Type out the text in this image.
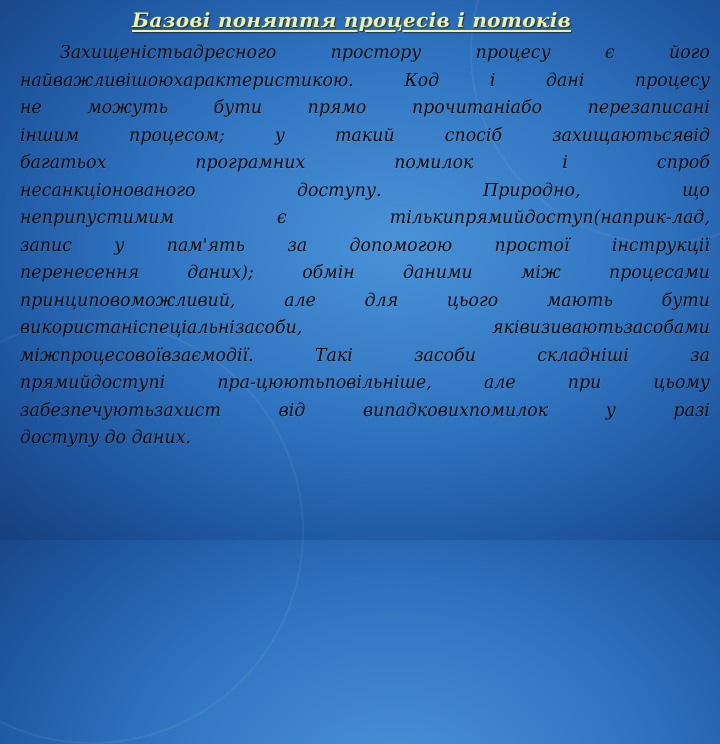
Базові поняття процесів і потоків
Захищеністьадресного простору процесу є його
найважливішоюхарактеристикою. Код і дані процесу
не можуть бути прямо прочитаніабо перезаписані
іншим процесом; у такий спосіб захищаютьсявід
багатьох програмних помилок і спроб
несанкціонованого доступу. Природно, що
неприпустимим є тількипрямийдоступ(наприк-лад,
запис у пам'ять за допомогою простої інструкції
перенесення даних); обмін даними між процесами
принциповоможливий, але для цього мають бути
використаніспеціальнізасоби, яківизиваютьзасобами
міжпроцесовоївзаємодії. Такі засоби складніші за
прямийдоступі пра-цюютьповільніше, але при цьому
забезпечуютьзахист від випадковихпомилок у разі
доступу до даних.
